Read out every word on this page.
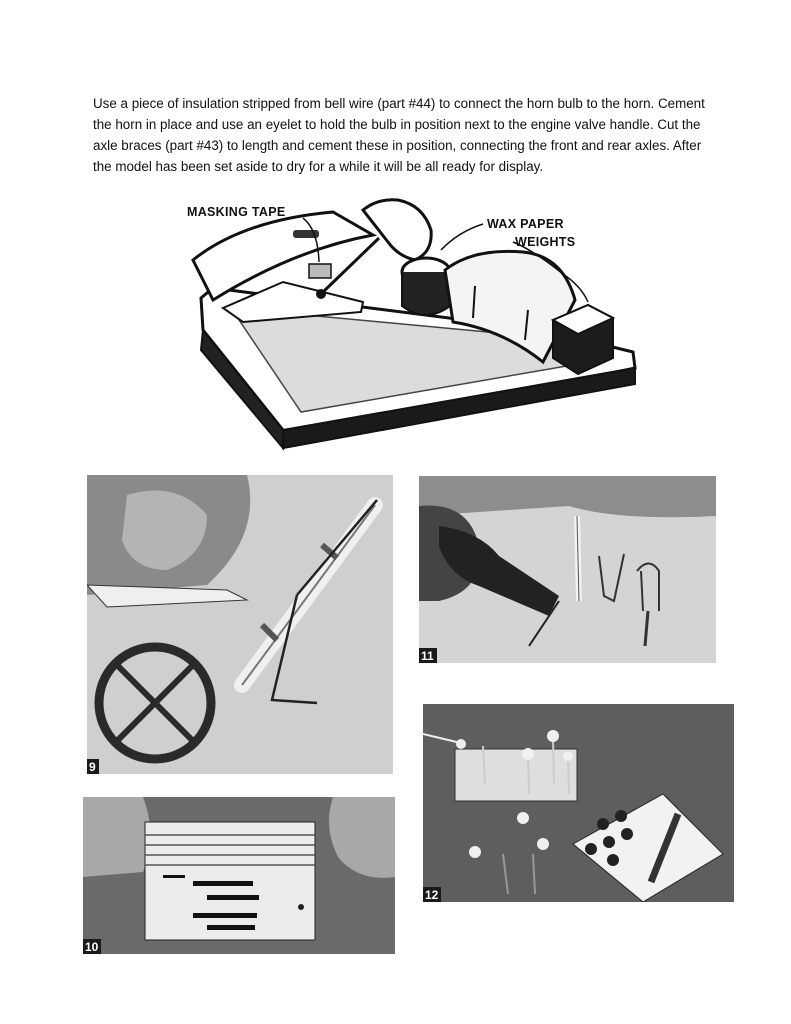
Use a piece of insulation stripped from bell wire (part #44) to connect the horn bulb to the horn. Cement the horn in place and use an eyelet to hold the bulb in position next to the engine valve handle. Cut the axle braces (part #43) to length and cement these in position, connecting the front and rear axles. After the model has been set aside to dry for a while it will be all ready for display.

MASKING TAPE
WAX PAPER
WEIGHTS
9
11
12
10
